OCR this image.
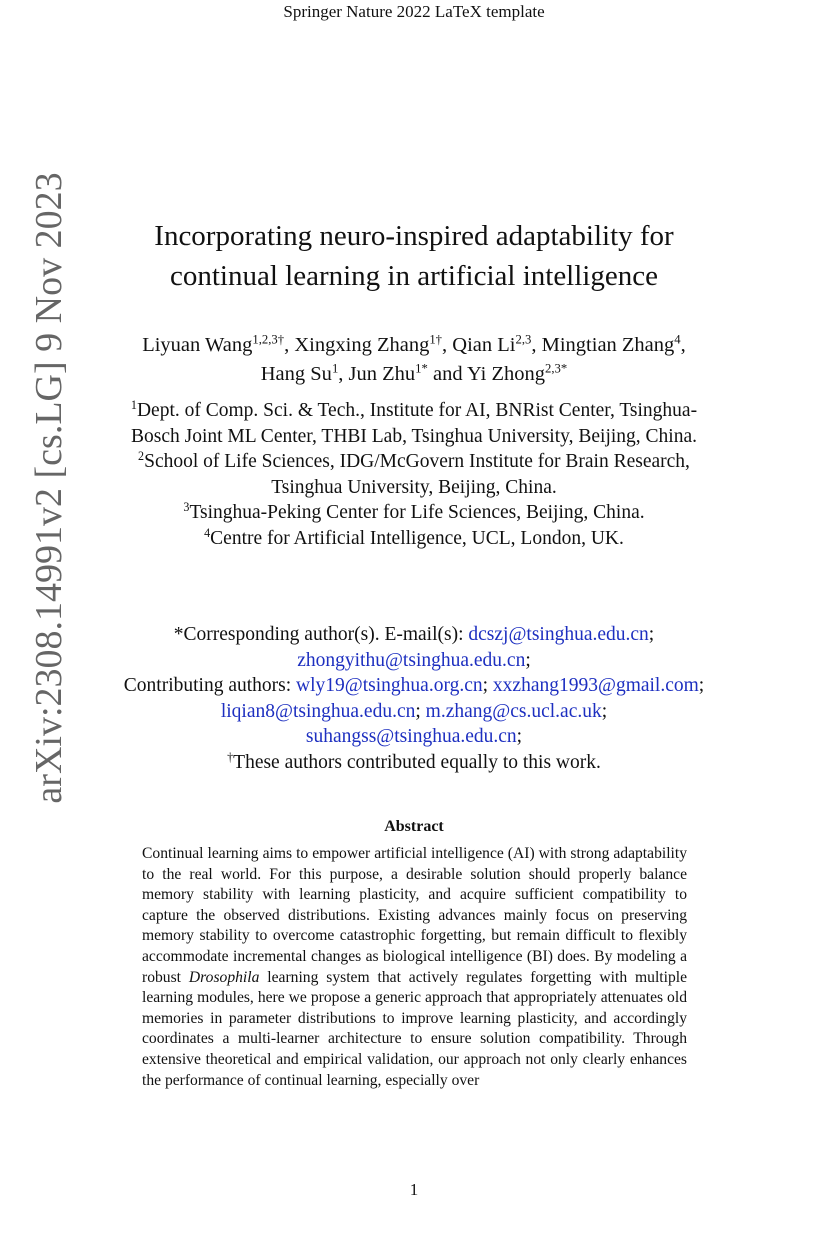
Springer Nature 2022 LaTeX template
arXiv:2308.14991v2 [cs.LG] 9 Nov 2023	Incorporating neuro-inspired adaptability for
continual learning in artificial intelligence
Liyuan Wang$^{1,2,3\dagger}$, Xingxing Zhang$^{1\dagger}$, Qian Li$^{2,3}$, Mingtian Zhang$^4$, Hang Su$^1$, Jun Zhu$^{1*}$ and Yi Zhong$^{2,3*}$
$^1$Dept. of Comp. Sci. & Tech., Institute for AI, BNRist Center, Tsinghua-Bosch Joint ML Center, THBI Lab, Tsinghua University, Beijing, China.
$^2$School of Life Sciences, IDG/McGovern Institute for Brain Research, Tsinghua University, Beijing, China.
$^3$Tsinghua-Peking Center for Life Sciences, Beijing, China.
$^4$Centre for Artificial Intelligence, UCL, London, UK.
*Corresponding author(s). E-mail(s): dcszj@tsinghua.edu.cn; zhongyithu@tsinghua.edu.cn;
Contributing authors: wly19@tsinghua.org.cn; xxzhang1993@gmail.com; liqian8@tsinghua.edu.cn; m.zhang@cs.ucl.ac.uk; suhangss@tsinghua.edu.cn;
†These authors contributed equally to this work.
Abstract
Continual learning aims to empower artificial intelligence (AI) with strong adaptability to the real world. For this purpose, a desirable solution should properly balance memory stability with learning plasticity, and acquire sufficient compatibility to capture the observed distributions. Existing advances mainly focus on preserving memory stability to overcome catastrophic forgetting, but remain difficult to flexibly accommodate incremental changes as biological intelligence (BI) does. By modeling a robust Drosophila learning system that actively regulates forgetting with multiple learning modules, here we propose a generic approach that appropriately attenuates old memories in parameter distributions to improve learning plasticity, and accordingly coordinates a multi-learner architecture to ensure solution compatibility. Through extensive theoretical and empirical validation, our approach not only clearly enhances the performance of continual learning, especially over
1
